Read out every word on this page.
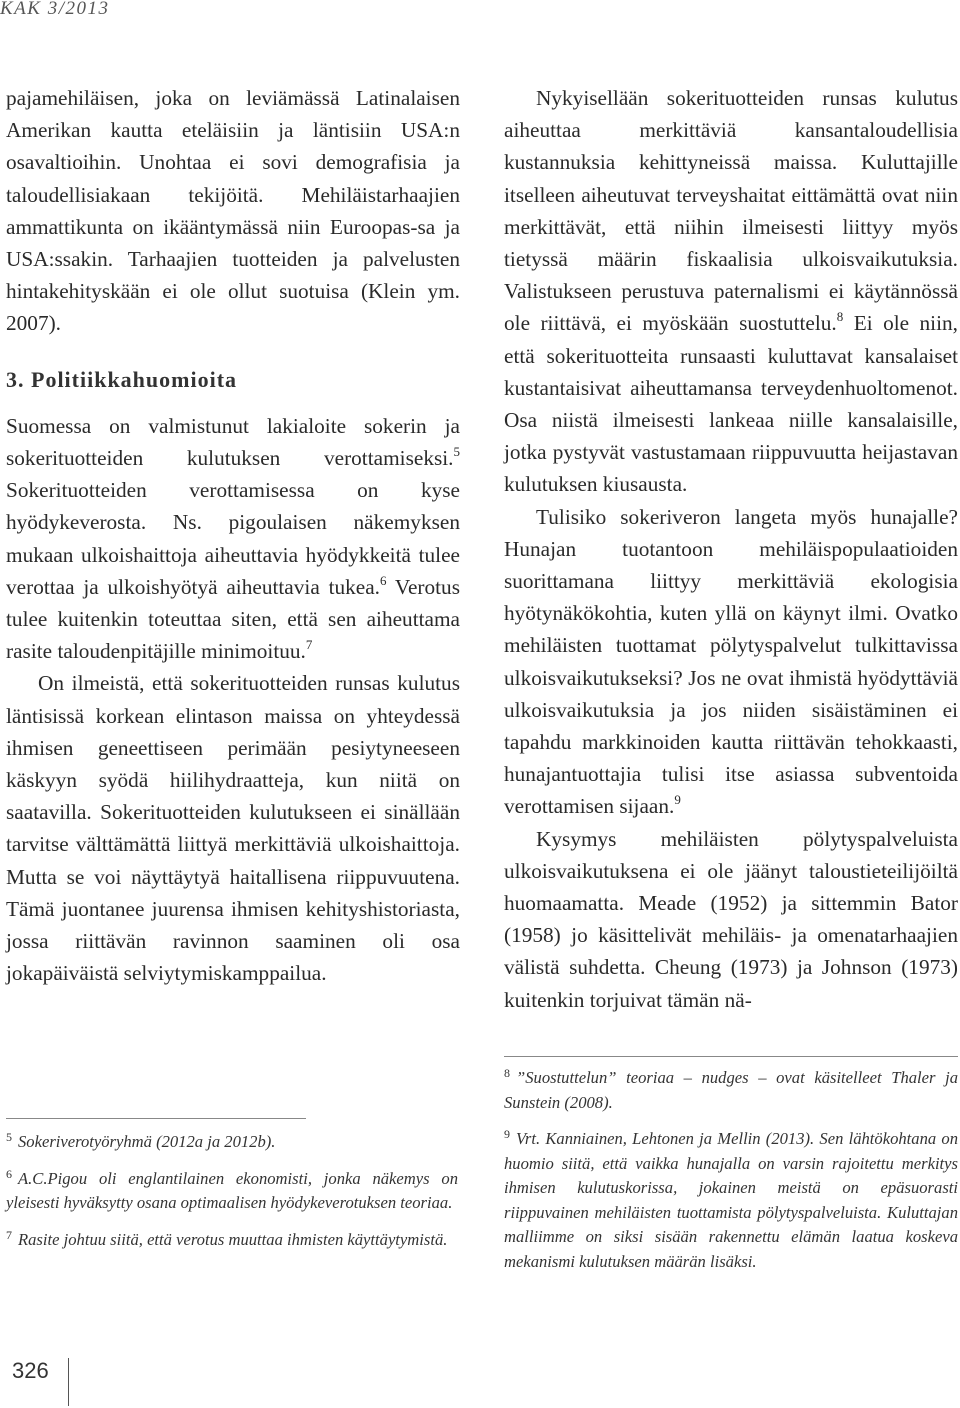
KAK 3/2013

pajamehiläisen, joka on leviämässä Latinalaisen Amerikan kautta eteläisiin ja läntisiin USA:n osavaltioihin. Unohtaa ei sovi demografisia ja taloudellisiakaan tekijöitä. Mehiläistarhaajien ammattikunta on ikääntymässä niin Euroopas-sa ja USA:ssakin. Tarhaajien tuotteiden ja palvelusten hintakehityskään ei ole ollut suotuisa (Klein ym. 2007).

3. Politiikkahuomioita

Suomessa on valmistunut lakialoite sokerin ja sokerituotteiden kulutuksen verottamiseksi.$^5$ Sokerituotteiden verottamisessa on kyse hyödykeverosta. Ns. pigoulaisen näkemyksen mukaan ulkoishaittoja aiheuttavia hyödykkeitä tulee verottaa ja ulkoishyötyä aiheuttavia tukea.$^6$ Verotus tulee kuitenkin toteuttaa siten, että sen aiheuttama rasite taloudenpitäjille minimoituu.$^7$

On ilmeistä, että sokerituotteiden runsas kulutus läntisissä korkean elintason maissa on yhteydessä ihmisen geneettiseen perimään pesiytyneeseen käskyyn syödä hiilihydraatteja, kun niitä on saatavilla. Sokerituotteiden kulutukseen ei sinällään tarvitse välttämättä liittyä merkittäviä ulkoishaittoja. Mutta se voi näyttäytyä haitallisena riippuvuutena. Tämä juontanee juurensa ihmisen kehityshistoriasta, jossa riittävän ravinnon saaminen oli osa jokapäiväistä selviytymiskamppailua.

Nykyisellään sokerituotteiden runsas kulutus aiheuttaa merkittäviä kansantaloudellisia kustannuksia kehittyneissä maissa. Kuluttajille itselleen aiheutuvat terveyshaitat eittämättä ovat niin merkittävät, että niihin ilmeisesti liittyy myös tietyssä määrin fiskaalisia ulkoisvaikutuksia. Valistukseen perustuva paternalismi ei käytännössä ole riittävä, ei myöskään suostuttelu.$^8$ Ei ole niin, että sokerituotteita runsaasti kuluttavat kansalaiset kustantaisivat aiheuttamansa terveydenhuoltomenot. Osa niistä ilmeisesti lankeaa niille kansalaisille, jotka pystyvät vastustamaan riippuvuutta heijastavan kulutuksen kiusausta.

Tulisiko sokeriveron langeta myös hunajalle? Hunajan tuotantoon mehiläispopulaatioiden suorittamana liittyy merkittäviä ekologisia hyötynäkökohtia, kuten yllä on käynyt ilmi. Ovatko mehiläisten tuottamat pölytyspalvelut tulkittavissa ulkoisvaikutukseksi? Jos ne ovat ihmistä hyödyttäviä ulkoisvaikutuksia ja jos niiden sisäistäminen ei tapahdu markkinoiden kautta riittävän tehokkaasti, hunajantuottajia tulisi itse asiassa subventoida verottamisen sijaan.$^9$

Kysymys mehiläisten pölytyspalveluista ulkoisvaikutuksena ei ole jäänyt taloustieteilijöiltä huomaamatta. Meade (1952) ja sittemmin Bator (1958) jo käsittelivät mehiläis- ja omenatarhaajien välistä suhdetta. Cheung (1973) ja Johnson (1973) kuitenkin torjuivat tämän nä-

$^5$ Sokeriverotyöryhmä (2012a ja 2012b).

$^6$ A.C.Pigou oli englantilainen ekonomisti, jonka näkemys on yleisesti hyväksytty osana optimaalisen hyödykeverotuksen teoriaa.

$^7$ Rasite johtuu siitä, että verotus muuttaa ihmisten käyttäytymistä.

$^8$ ”Suostuttelun” teoriaa – nudges – ovat käsitelleet Thaler ja Sunstein (2008).

$^9$ Vrt. Kanniainen, Lehtonen ja Mellin (2013). Sen lähtökohtana on huomio siitä, että vaikka hunajalla on varsin rajoitettu merkitys ihmisen kulutuskorissa, jokainen meistä on epäsuorasti riippuvainen mehiläisten tuottamista pölytyspalveluista. Kuluttajan malliimme on siksi sisään rakennettu elämän laatua koskeva mekanismi kulutuksen määrän lisäksi.

326
